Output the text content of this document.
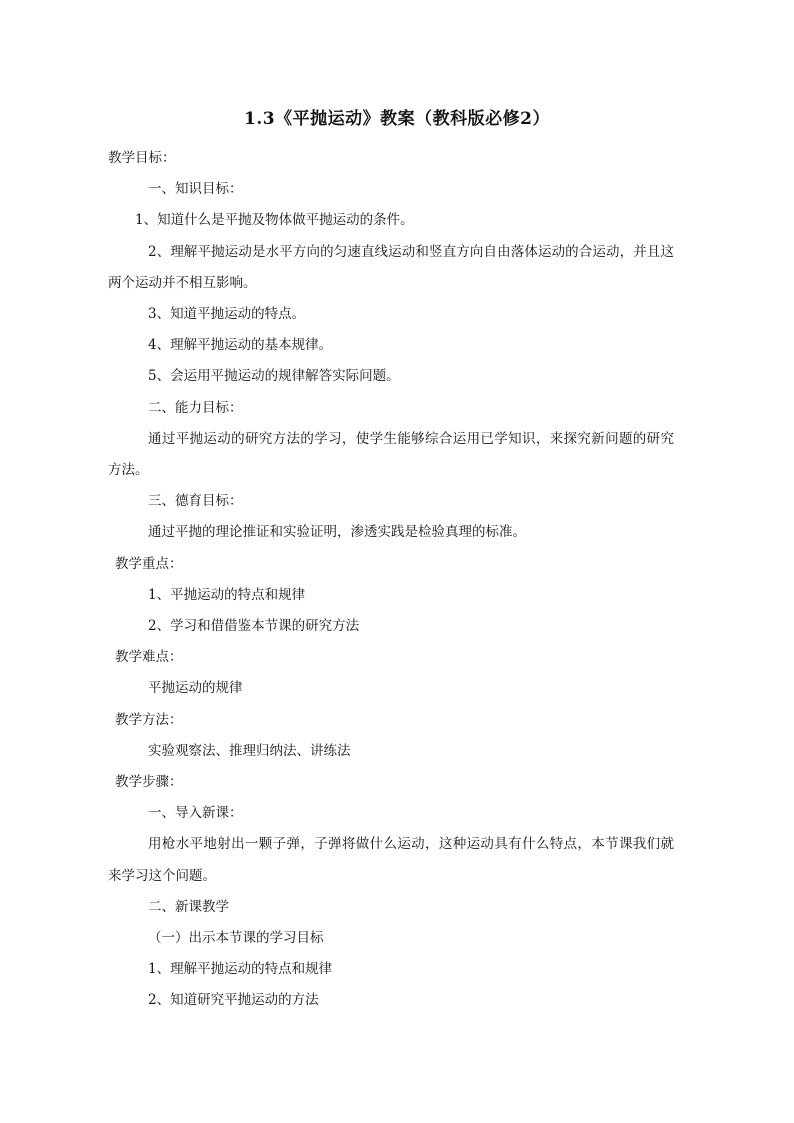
1.3《平抛运动》教案（教科版必修2）

教学目标：

一、知识目标：

1、知道什么是平抛及物体做平抛运动的条件。

2、理解平抛运动是水平方向的匀速直线运动和竖直方向自由落体运动的合运动，并且这两个运动并不相互影响。

3、知道平抛运动的特点。

4、理解平抛运动的基本规律。

5、会运用平抛运动的规律解答实际问题。

二、能力目标：

通过平抛运动的研究方法的学习，使学生能够综合运用已学知识，来探究新问题的研究方法。

三、德育目标：

通过平抛的理论推证和实验证明，渗透实践是检验真理的标准。

教学重点：

1、平抛运动的特点和规律

2、学习和借借鉴本节课的研究方法

教学难点：

平抛运动的规律

教学方法：

实验观察法、推理归纳法、讲练法

教学步骤：

一、导入新课：

用枪水平地射出一颗子弹，子弹将做什么运动，这种运动具有什么特点，本节课我们就来学习这个问题。

二、新课教学

（一）出示本节课的学习目标

1、理解平抛运动的特点和规律

2、知道研究平抛运动的方法
